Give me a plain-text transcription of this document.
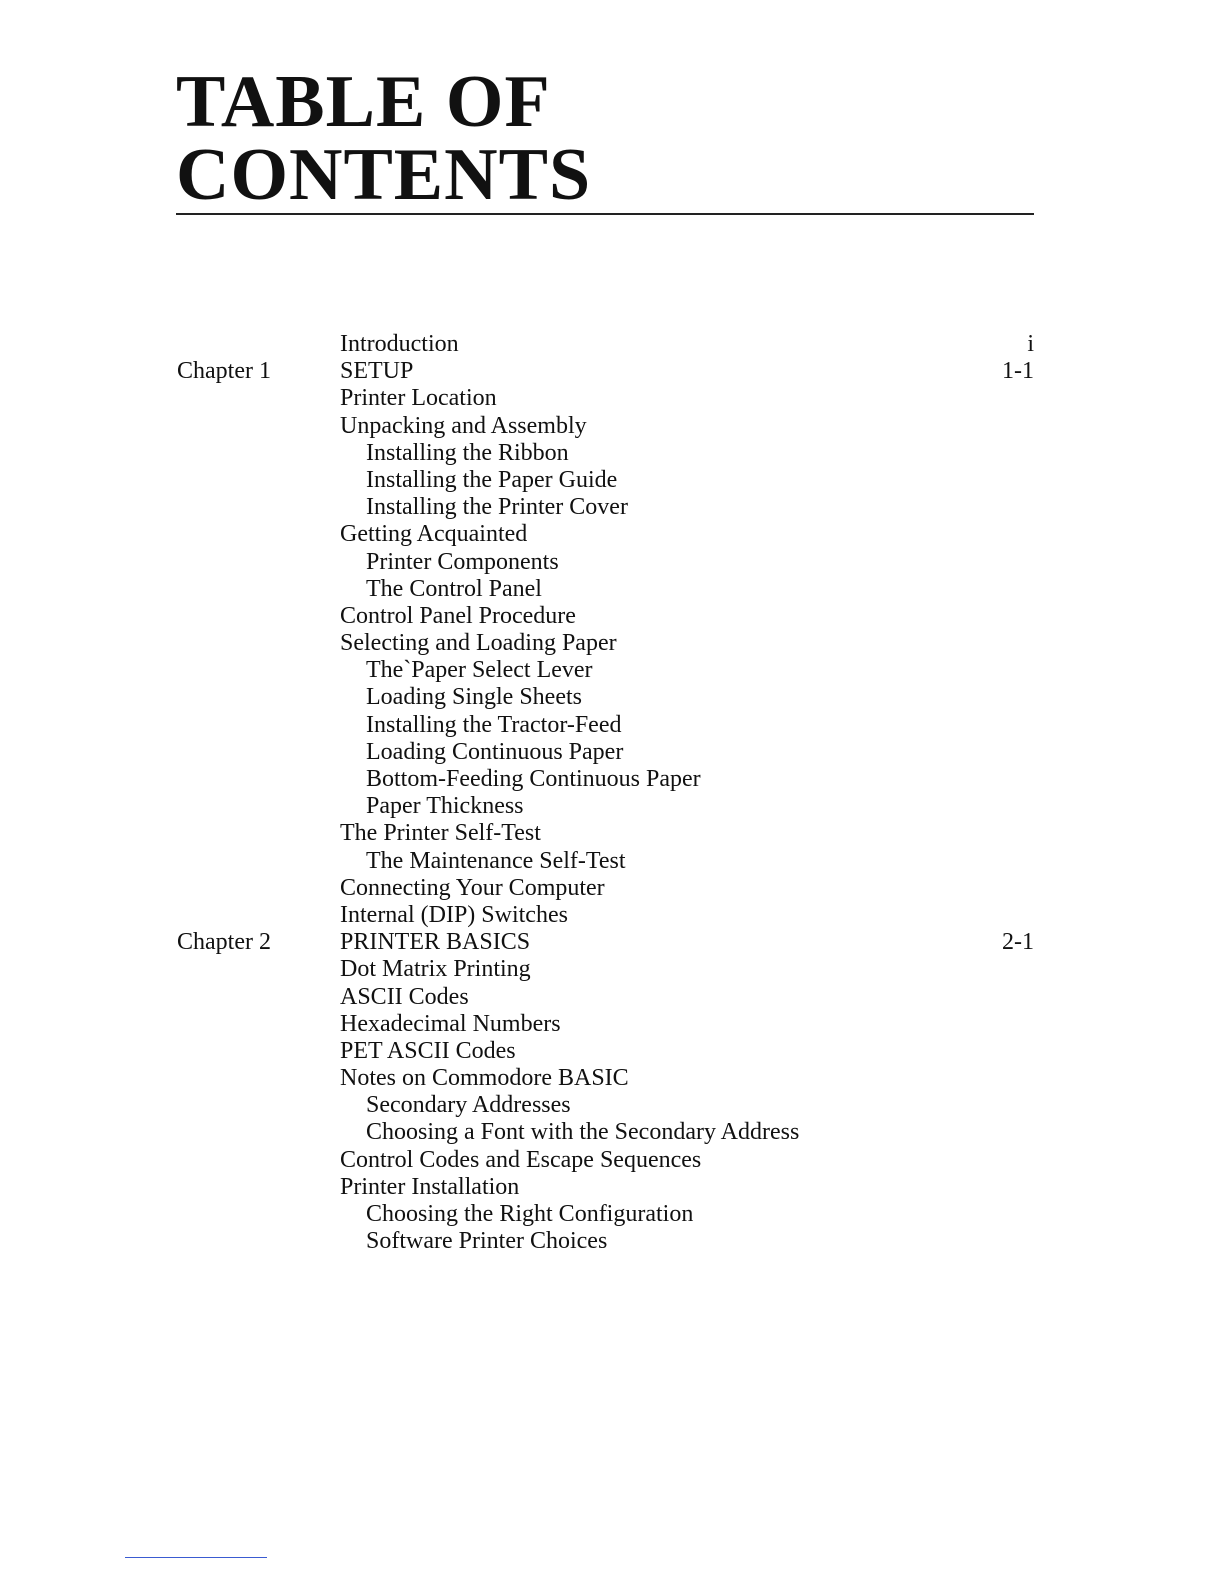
TABLE OF
CONTENTS
Introduction	i
Chapter 1	SETUP	1-1
Printer Location
Unpacking and Assembly
Installing the Ribbon
Installing the Paper Guide
Installing the Printer Cover
Getting Acquainted
Printer Components
The Control Panel
Control Panel Procedure
Selecting and Loading Paper
The`Paper Select Lever
Loading Single Sheets
Installing the Tractor-Feed
Loading Continuous Paper
Bottom-Feeding Continuous Paper
Paper Thickness
The Printer Self-Test
The Maintenance Self-Test
Connecting Your Computer
Internal (DIP) Switches
Chapter 2	PRINTER BASICS	2-1
Dot Matrix Printing
ASCII Codes
Hexadecimal Numbers
PET ASCII Codes
Notes on Commodore BASIC
Secondary Addresses
Choosing a Font with the Secondary Address
Control Codes and Escape Sequences
Printer Installation
Choosing the Right Configuration
Software Printer Choices
